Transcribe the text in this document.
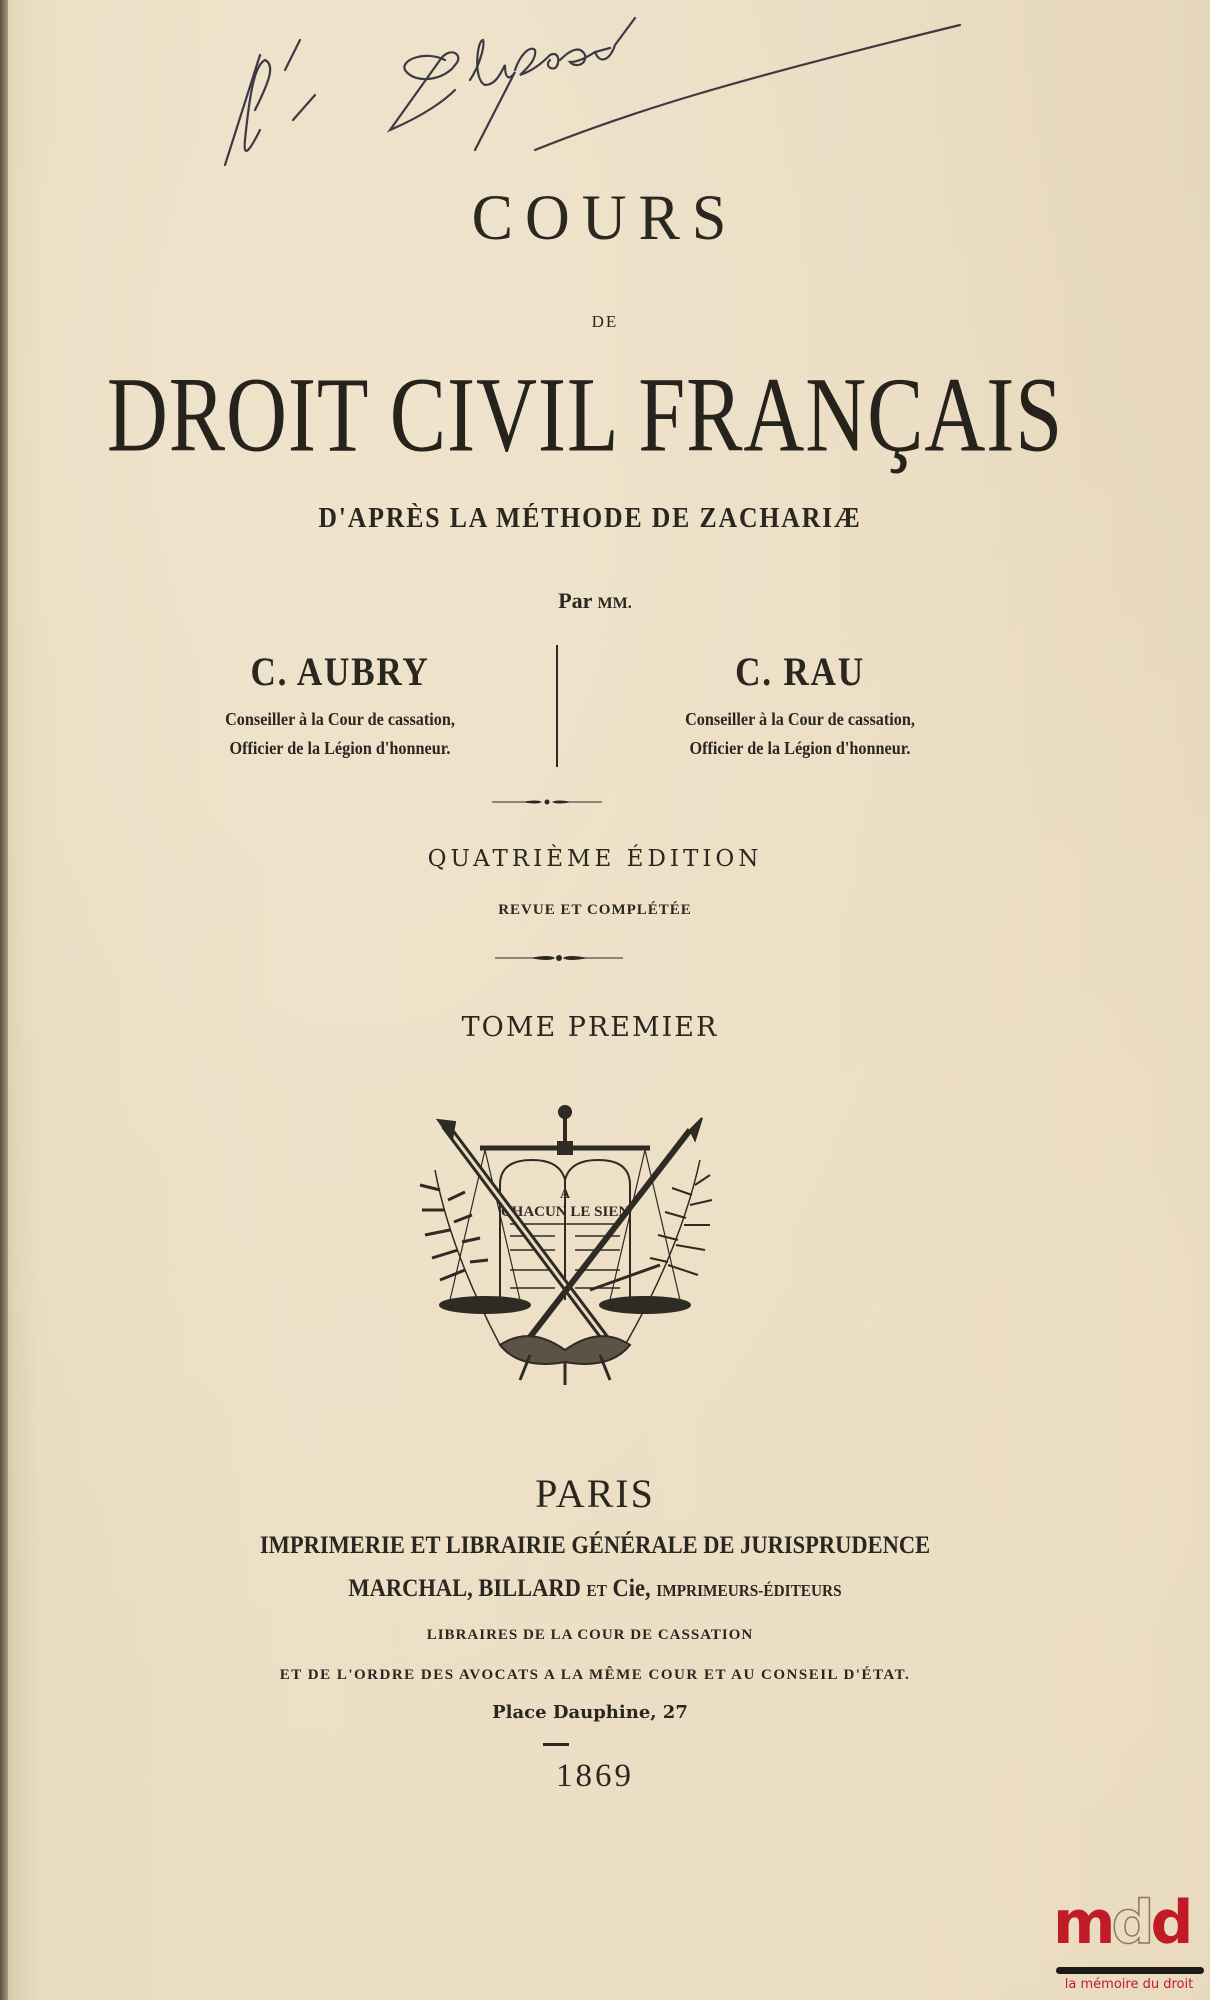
COURS
DE
DROIT CIVIL FRANÇAIS
D'APRÈS LA MÉTHODE DE ZACHARIÆ
Par MM.
C. AUBRY
Conseiller à la Cour de cassation,
Officier de la Légion d'honneur.
C. RAU
Conseiller à la Cour de cassation,
Officier de la Légion d'honneur.
QUATRIÈME ÉDITION
REVUE ET COMPLÉTÉE
TOME PREMIER
A
CHACUN LE SIEN
PARIS
IMPRIMERIE ET LIBRAIRIE GÉNÉRALE DE JURISPRUDENCE
MARCHAL, BILLARD ET Cie, IMPRIMEURS-ÉDITEURS
LIBRAIRES DE LA COUR DE CASSATION
ET DE L'ORDRE DES AVOCATS A LA MÊME COUR ET AU CONSEIL D'ÉTAT.
Place Dauphine, 27
1869
mdd
la mémoire du droit
